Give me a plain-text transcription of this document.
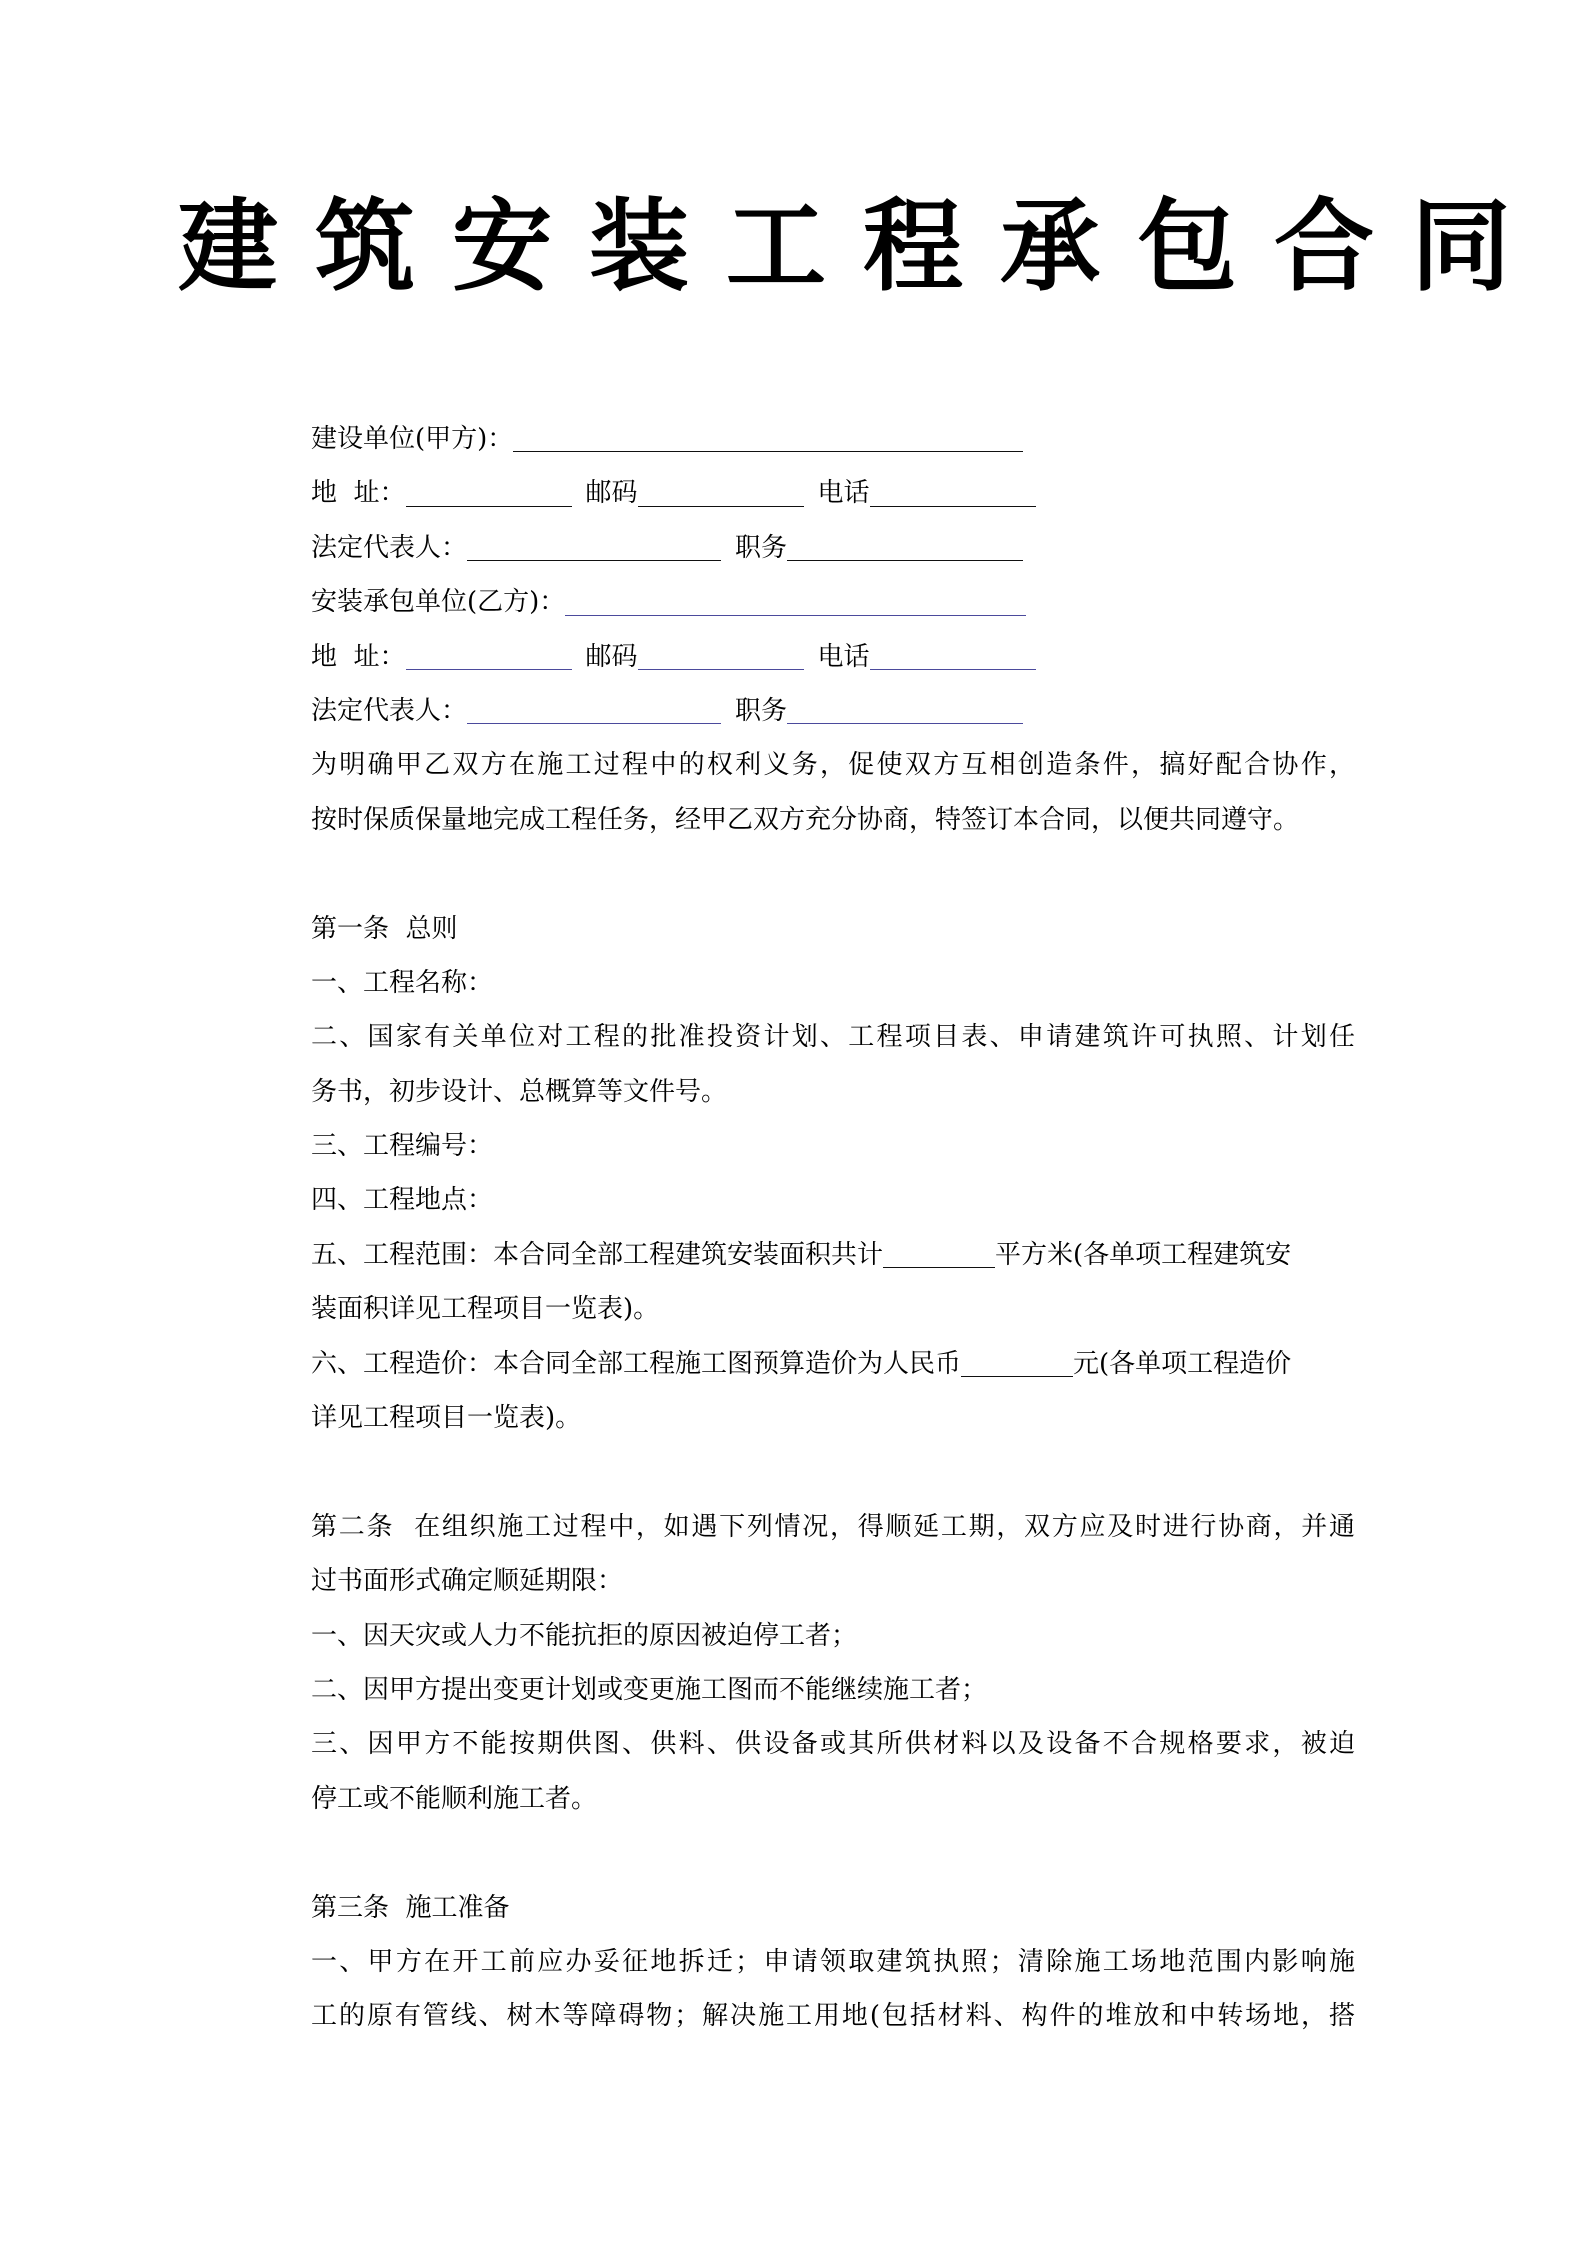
建筑安装工程承包合同
建设单位(甲方)：
地  址：	邮码	电话
法定代表人：	职务
安装承包单位(乙方)：
地  址：	邮码	电话
法定代表人：	职务
为明确甲乙双方在施工过程中的权利义务，促使双方互相创造条件，搞好配合协作，
按时保质保量地完成工程任务，经甲乙双方充分协商，特签订本合同，以便共同遵守。
第一条  总则
一、工程名称：
二、国家有关单位对工程的批准投资计划、工程项目表、申请建筑许可执照、计划任
务书，初步设计、总概算等文件号。
三、工程编号：
四、工程地点：
五、工程范围：本合同全部工程建筑安装面积共计	平方米(各单项工程建筑安
装面积详见工程项目一览表)。
六、工程造价：本合同全部工程施工图预算造价为人民币	元(各单项工程造价
详见工程项目一览表)。
第二条  在组织施工过程中，如遇下列情况，得顺延工期，双方应及时进行协商，并通
过书面形式确定顺延期限：
一、因天灾或人力不能抗拒的原因被迫停工者；
二、因甲方提出变更计划或变更施工图而不能继续施工者；
三、因甲方不能按期供图、供料、供设备或其所供材料以及设备不合规格要求，被迫
停工或不能顺利施工者。
第三条  施工准备
一、甲方在开工前应办妥征地拆迁；申请领取建筑执照；清除施工场地范围内影响施
工的原有管线、树木等障碍物；解决施工用地(包括材料、构件的堆放和中转场地，搭
